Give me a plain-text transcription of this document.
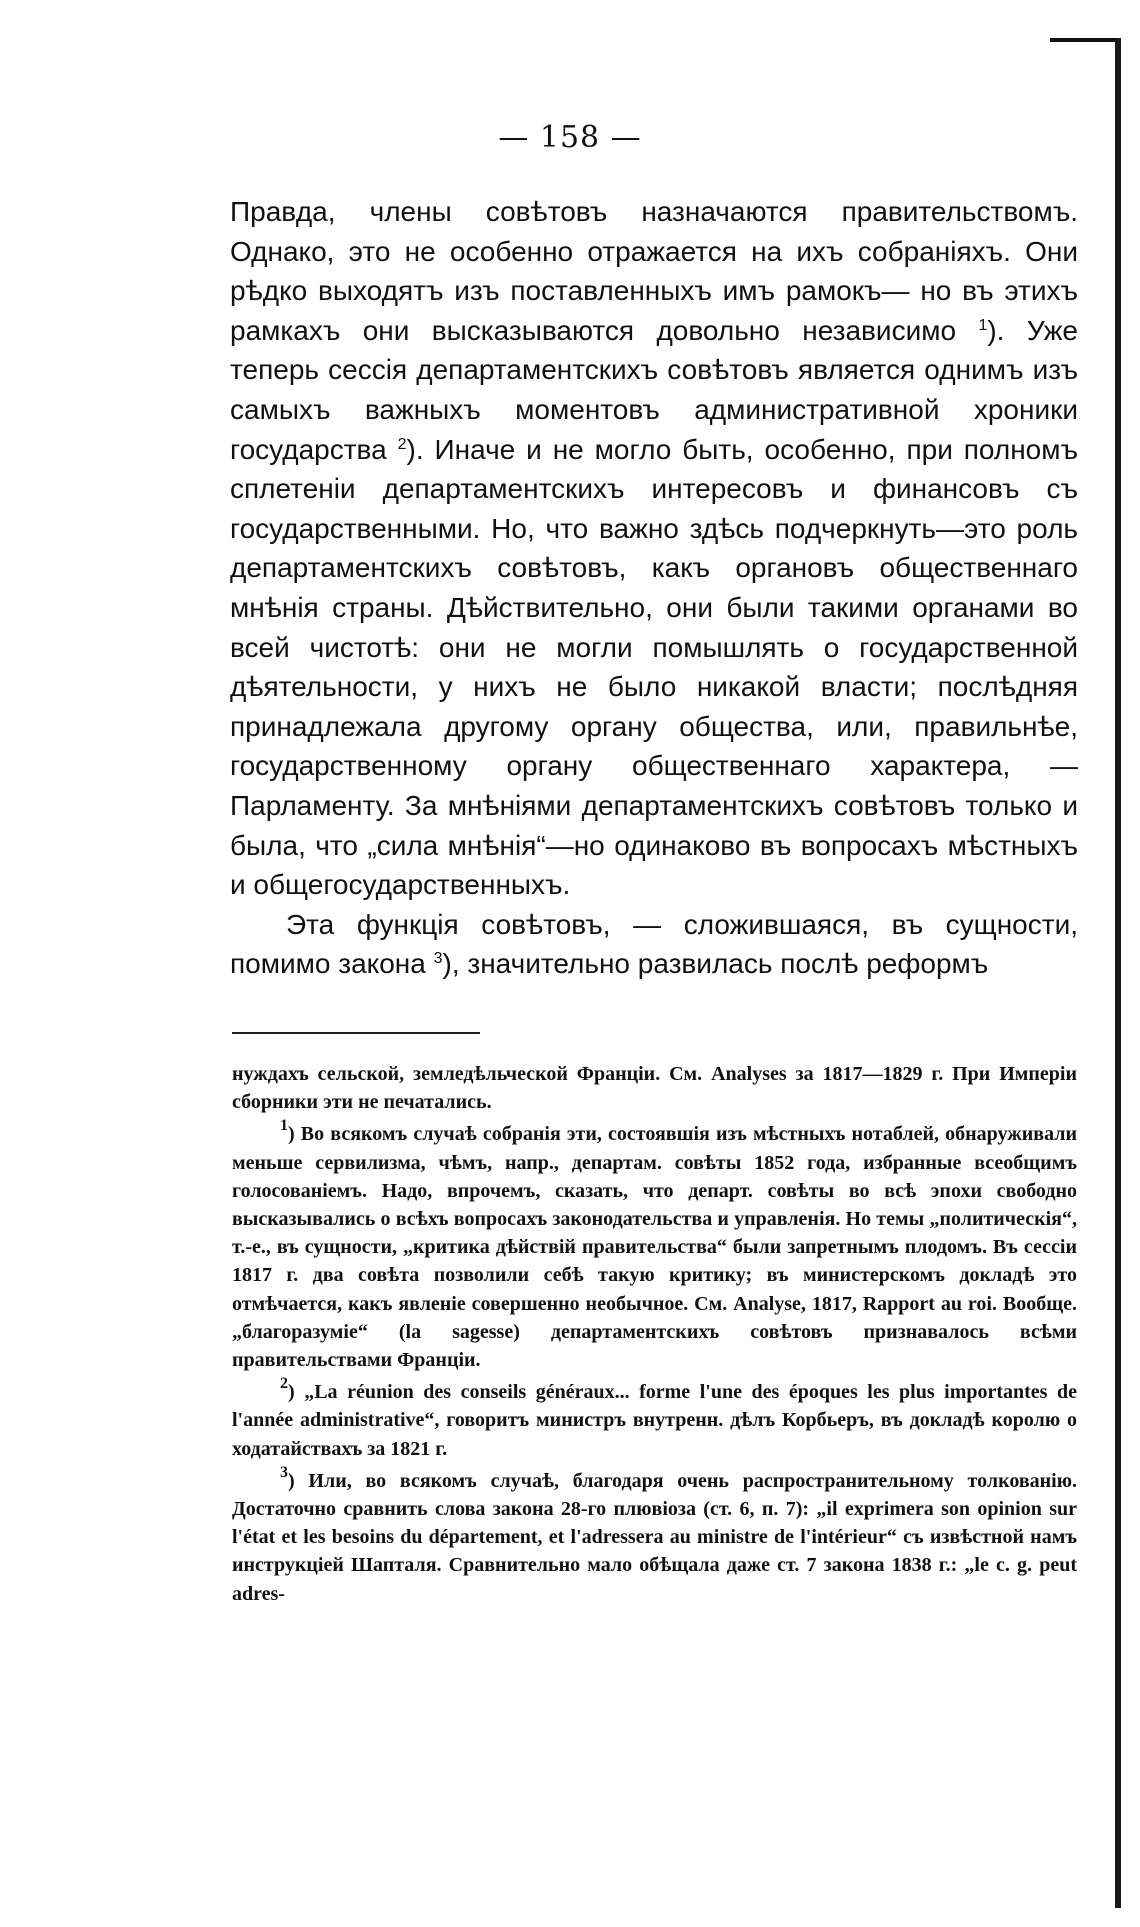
— 158 —

Правда, члены совѣтовъ назначаются правительствомъ. Однако, это не особенно отражается на ихъ собраніяхъ. Они рѣдко выходятъ изъ поставленныхъ имъ рамокъ— но въ этихъ рамкахъ они высказываются довольно независимо $^1$). Уже теперь сессія департаментскихъ совѣтовъ является однимъ изъ самыхъ важныхъ моментовъ административной хроники государства $^2$). Иначе и не могло быть, особенно, при полномъ сплетеніи департаментскихъ интересовъ и финансовъ съ государственными. Но, что важно здѣсь подчеркнуть—это роль департаментскихъ совѣтовъ, какъ органовъ общественнаго мнѣнія страны. Дѣйствительно, они были такими органами во всей чистотѣ: они не могли помышлять о государственной дѣятельности, у нихъ не было никакой власти; послѣдняя принадлежала другому органу общества, или, правильнѣе, государственному органу общественнаго характера, — Парламенту. За мнѣніями департаментскихъ совѣтовъ только и была, что „сила мнѣнія“—но одинаково въ вопросахъ мѣстныхъ и общегосударственныхъ.

Эта функція совѣтовъ, — сложившаяся, въ сущности, помимо закона $^3$), значительно развилась послѣ реформъ

нуждахъ сельской, земледѣльческой Франціи. См. Analyses за 1817—1829 г. При Имперіи сборники эти не печатались.

$^1$) Во всякомъ случаѣ собранія эти, состоявшія изъ мѣстныхъ нотаблей, обнаруживали меньше сервилизма, чѣмъ, напр., департам. совѣты 1852 года, избранные всеобщимъ голосованіемъ. Надо, впрочемъ, сказать, что департ. совѣты во всѣ эпохи свободно высказывались о всѣхъ вопросахъ законодательства и управленія. Но темы „политическія“, т.-е., въ сущности, „критика дѣйствій правительства“ были запретнымъ плодомъ. Въ сессіи 1817 г. два совѣта позволили себѣ такую критику; въ министерскомъ докладѣ это отмѣчается, какъ явленіе совершенно необычное. См. Analyse, 1817, Rapport au roi. Вообще. „благоразуміе“ (la sagesse) департаментскихъ совѣтовъ признавалось всѣми правительствами Франціи.

$^2$) „La réunion des conseils généraux... forme l'une des époques les plus importantes de l'année administrative“, говоритъ министръ внутренн. дѣлъ Корбьеръ, въ докладѣ королю о ходатайствахъ за 1821 г.

$^3$) Или, во всякомъ случаѣ, благодаря очень распространительному толкованію. Достаточно сравнить слова закона 28-го плювіоза (ст. 6, п. 7): „il exprimera son opinion sur l'état et les besoins du département, et l'adressera au ministre de l'intérieur“ съ извѣстной намъ инструкціей Шапталя. Сравнительно мало обѣщала даже ст. 7 закона 1838 г.: „le c. g. peut adres-
